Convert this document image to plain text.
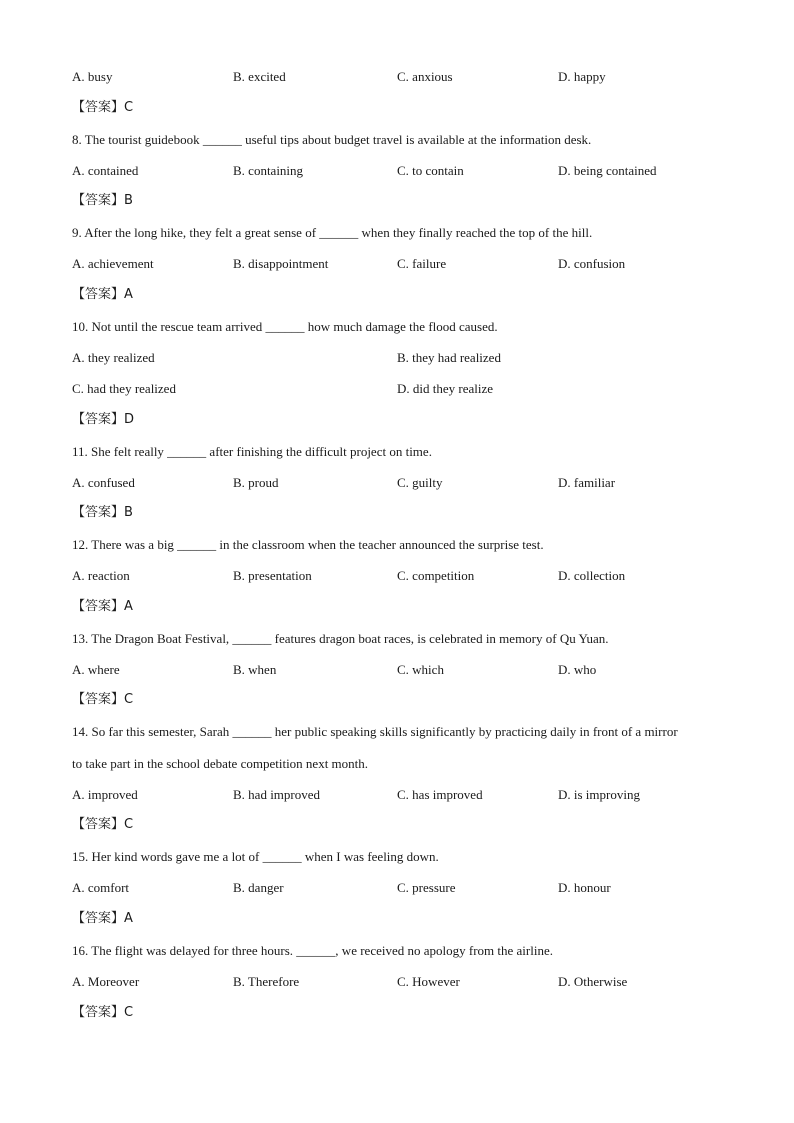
A. busy	B. excited	C. anxious	D. happy
【答案】C
8. The tourist guidebook ______ useful tips about budget travel is available at the information desk.
A. contained	B. containing	C. to contain	D. being contained
【答案】B
9. After the long hike, they felt a great sense of ______ when they finally reached the top of the hill.
A. achievement	B. disappointment	C. failure	D. confusion
【答案】A
10. Not until the rescue team arrived ______ how much damage the flood caused.
A. they realized	B. they had realized
C. had they realized	D. did they realize
【答案】D
11. She felt really ______ after finishing the difficult project on time.
A. confused	B. proud	C. guilty	D. familiar
【答案】B
12. There was a big ______ in the classroom when the teacher announced the surprise test.
A. reaction	B. presentation	C. competition	D. collection
【答案】A
13. The Dragon Boat Festival, ______ features dragon boat races, is celebrated in memory of Qu Yuan.
A. where	B. when	C. which	D. who
【答案】C
14. So far this semester, Sarah ______ her public speaking skills significantly by practicing daily in front of a mirror
to take part in the school debate competition next month.
A. improved	B. had improved	C. has improved	D. is improving
【答案】C
15. Her kind words gave me a lot of ______ when I was feeling down.
A. comfort	B. danger	C. pressure	D. honour
【答案】A
16. The flight was delayed for three hours. ______, we received no apology from the airline.
A. Moreover	B. Therefore	C. However	D. Otherwise
【答案】C
